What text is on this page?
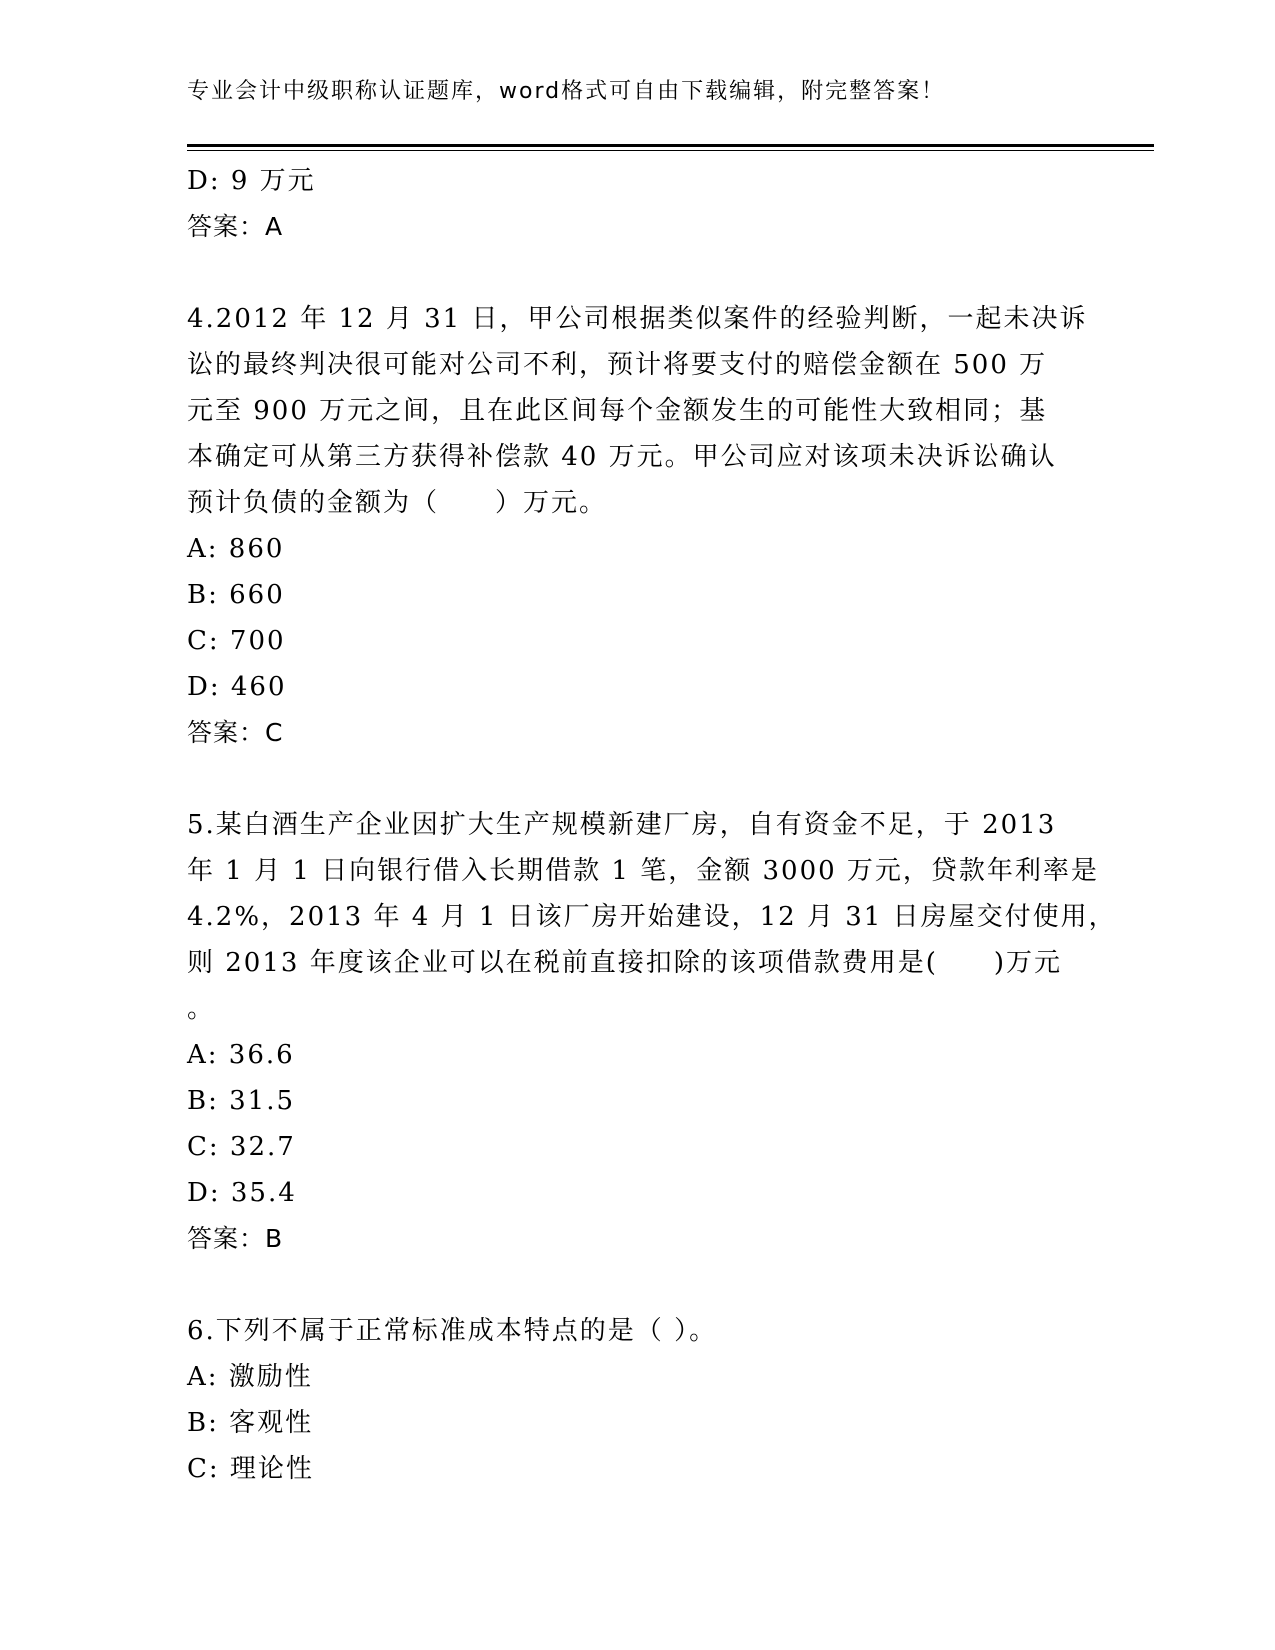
专业会计中级职称认证题库，word格式可自由下载编辑，附完整答案！
D: 9 万元
答案：A
4.2012 年 12 月 31 日，甲公司根据类似案件的经验判断，一起未决诉
讼的最终判决很可能对公司不利，预计将要支付的赔偿金额在 500 万
元至 900 万元之间，且在此区间每个金额发生的可能性大致相同；基
本确定可从第三方获得补偿款 40 万元。甲公司应对该项未决诉讼确认
预计负债的金额为（　　）万元。
A: 860
B: 660
C: 700
D: 460
答案：C
5.某白酒生产企业因扩大生产规模新建厂房，自有资金不足，于 2013
年 1 月 1 日向银行借入长期借款 1 笔，金额 3000 万元，贷款年利率是
4.2%，2013 年 4 月 1 日该厂房开始建设，12 月 31 日房屋交付使用，
则 2013 年度该企业可以在税前直接扣除的该项借款费用是(　　)万元
。
A: 36.6
B: 31.5
C: 32.7
D: 35.4
答案：B
6.下列不属于正常标准成本特点的是（ ）。
A: 激励性
B: 客观性
C: 理论性
